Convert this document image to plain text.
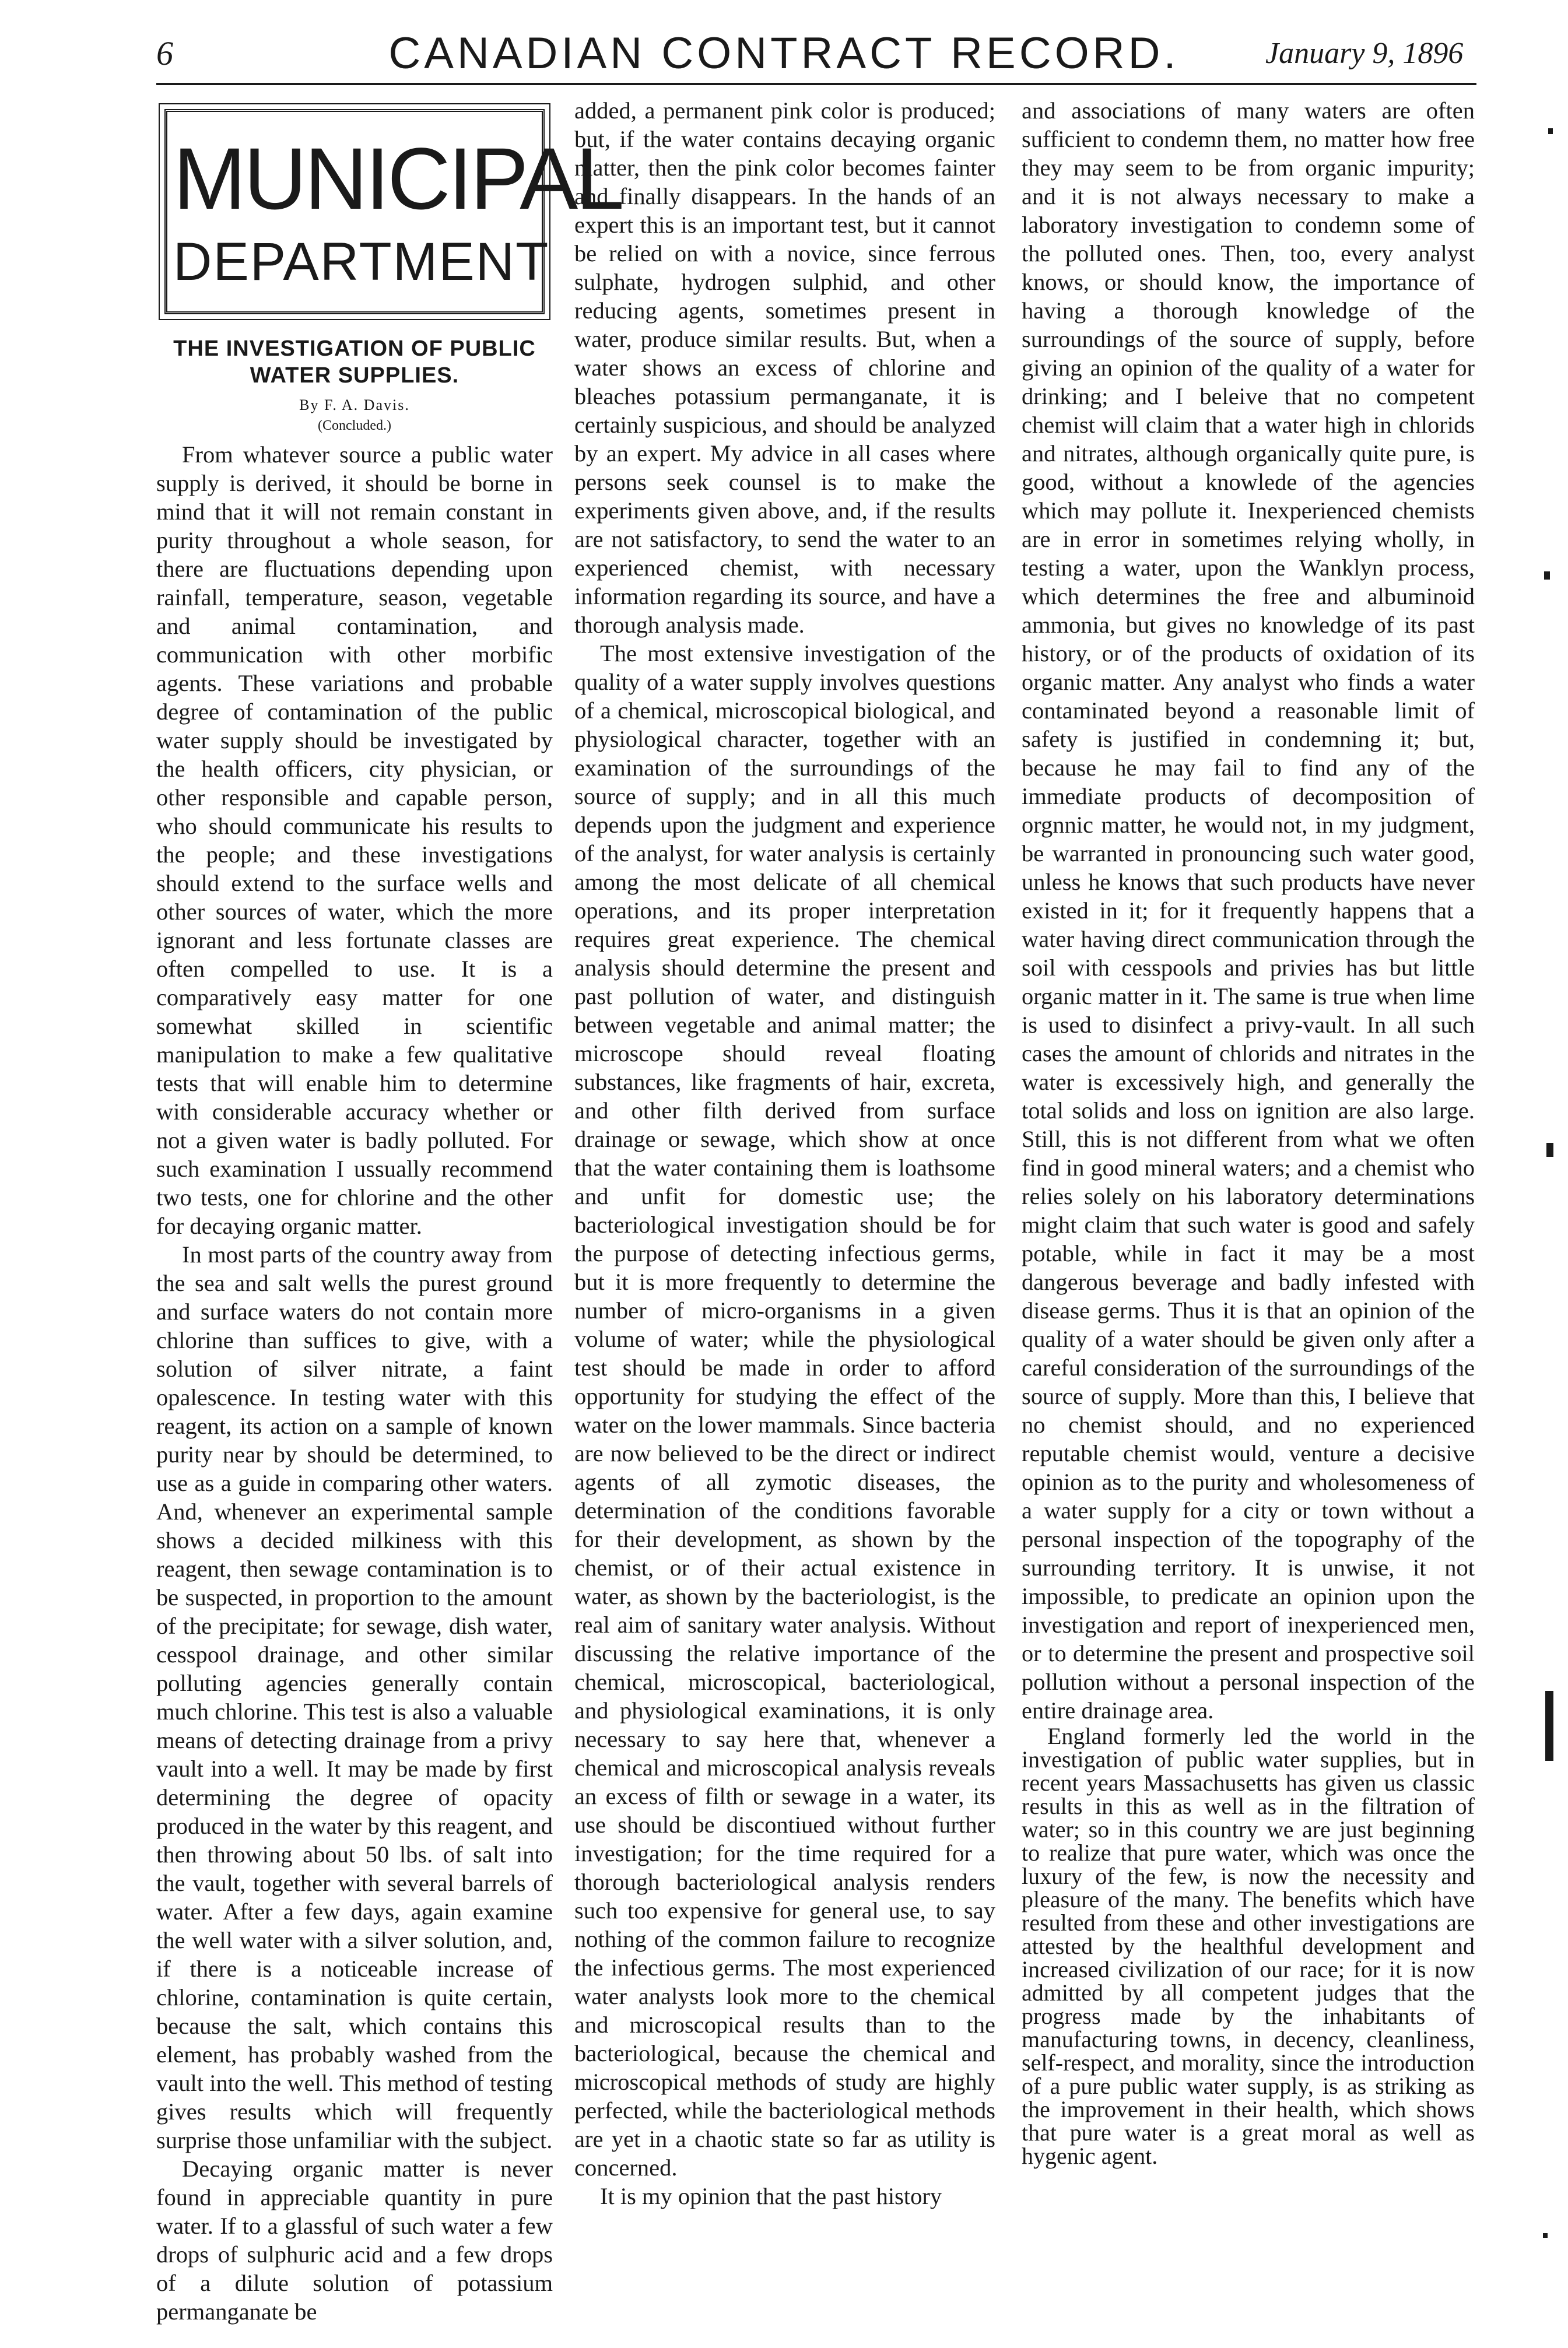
6	CANADIAN CONTRACT RECORD.	January 9, 1896
MUNICIPAL
DEPARTMENT
THE INVESTIGATION OF PUBLIC WATER SUPPLIES.
By F. A. Davis.
(Concluded.)

From whatever source a public water supply is derived, it should be borne in mind that it will not remain constant in purity throughout a whole season, for there are fluctuations depending upon rainfall, temperature, season, vegetable and animal contamination, and communication with other morbific agents. These variations and probable degree of contamination of the public water supply should be investigated by the health officers, city physician, or other responsible and capable person, who should communicate his results to the people; and these investigations should extend to the surface wells and other sources of water, which the more ignorant and less fortunate classes are often compelled to use. It is a comparatively easy matter for one somewhat skilled in scientific manipulation to make a few qualitative tests that will enable him to determine with considerable accuracy whether or not a given water is badly polluted. For such examination I ussually recommend two tests, one for chlorine and the other for decaying organic matter.

In most parts of the country away from the sea and salt wells the purest ground and surface waters do not contain more chlorine than suffices to give, with a solution of silver nitrate, a faint opalescence. In testing water with this reagent, its action on a sample of known purity near by should be determined, to use as a guide in comparing other waters. And, whenever an experimental sample shows a decided milkiness with this reagent, then sewage contamination is to be suspected, in proportion to the amount of the precipitate; for sewage, dish water, cesspool drainage, and other similar polluting agencies generally contain much chlorine. This test is also a valuable means of detecting drainage from a privy vault into a well. It may be made by first determining the degree of opacity produced in the water by this reagent, and then throwing about 50 lbs. of salt into the vault, together with several barrels of water. After a few days, again examine the well water with a silver solution, and, if there is a noticeable increase of chlorine, contamination is quite certain, because the salt, which contains this element, has probably washed from the vault into the well. This method of testing gives results which will frequently surprise those unfamiliar with the subject.

Decaying organic matter is never found in appreciable quantity in pure water. If to a glassful of such water a few drops of sulphuric acid and a few drops of a dilute solution of potassium permanganate be

added, a permanent pink color is produced; but, if the water contains decaying organic matter, then the pink color becomes fainter and finally disappears. In the hands of an expert this is an important test, but it cannot be relied on with a novice, since ferrous sulphate, hydrogen sulphid, and other reducing agents, sometimes present in water, produce similar results. But, when a water shows an excess of chlorine and bleaches potassium permanganate, it is certainly suspicious, and should be analyzed by an expert. My advice in all cases where persons seek counsel is to make the experiments given above, and, if the results are not satisfactory, to send the water to an experienced chemist, with necessary information regarding its source, and have a thorough analysis made.

The most extensive investigation of the quality of a water supply involves questions of a chemical, microscopical biological, and physiological character, together with an examination of the surroundings of the source of supply; and in all this much depends upon the judgment and experience of the analyst, for water analysis is certainly among the most delicate of all chemical operations, and its proper interpretation requires great experience. The chemical analysis should determine the present and past pollution of water, and distinguish between vegetable and animal matter; the microscope should reveal floating substances, like fragments of hair, excreta, and other filth derived from surface drainage or sewage, which show at once that the water containing them is loathsome and unfit for domestic use; the bacteriological investigation should be for the purpose of detecting infectious germs, but it is more frequently to determine the number of micro-organisms in a given volume of water; while the physiological test should be made in order to afford opportunity for studying the effect of the water on the lower mammals. Since bacteria are now believed to be the direct or indirect agents of all zymotic diseases, the determination of the conditions favorable for their development, as shown by the chemist, or of their actual existence in water, as shown by the bacteriologist, is the real aim of sanitary water analysis. Without discussing the relative importance of the chemical, microscopical, bacteriological, and physiological examinations, it is only necessary to say here that, whenever a chemical and microscopical analysis reveals an excess of filth or sewage in a water, its use should be discontiued without further investigation; for the time required for a thorough bacteriological analysis renders such too expensive for general use, to say nothing of the common failure to recognize the infectious germs. The most experienced water analysts look more to the chemical and microscopical results than to the bacteriological, because the chemical and microscopical methods of study are highly perfected, while the bacteriological methods are yet in a chaotic state so far as utility is concerned.

It is my opinion that the past history

and associations of many waters are often sufficient to condemn them, no matter how free they may seem to be from organic impurity; and it is not always necessary to make a laboratory investigation to condemn some of the polluted ones. Then, too, every analyst knows, or should know, the importance of having a thorough knowledge of the surroundings of the source of supply, before giving an opinion of the quality of a water for drinking; and I beleive that no competent chemist will claim that a water high in chlorids and nitrates, although organically quite pure, is good, without a knowlede of the agencies which may pollute it. Inexperienced chemists are in error in sometimes relying wholly, in testing a water, upon the Wanklyn process, which determines the free and albuminoid ammonia, but gives no knowledge of its past history, or of the products of oxidation of its organic matter. Any analyst who finds a water contaminated beyond a reasonable limit of safety is justified in condemning it; but, because he may fail to find any of the immediate products of decomposition of orgnnic matter, he would not, in my judgment, be warranted in pronouncing such water good, unless he knows that such products have never existed in it; for it frequently happens that a water having direct communication through the soil with cesspools and privies has but little organic matter in it. The same is true when lime is used to disinfect a privy-vault. In all such cases the amount of chlorids and nitrates in the water is excessively high, and generally the total solids and loss on ignition are also large. Still, this is not different from what we often find in good mineral waters; and a chemist who relies solely on his laboratory determinations might claim that such water is good and safely potable, while in fact it may be a most dangerous beverage and badly infested with disease germs. Thus it is that an opinion of the quality of a water should be given only after a careful consideration of the surroundings of the source of supply. More than this, I believe that no chemist should, and no experienced reputable chemist would, venture a decisive opinion as to the purity and wholesomeness of a water supply for a city or town without a personal inspection of the topography of the surrounding territory. It is unwise, it not impossible, to predicate an opinion upon the investigation and report of inexperienced men, or to determine the present and prospective soil pollution without a personal inspection of the entire drainage area.

England formerly led the world in the investigation of public water supplies, but in recent years Massachusetts has given us classic results in this as well as in the filtration of water; so in this country we are just beginning to realize that pure water, which was once the luxury of the few, is now the necessity and pleasure of the many. The benefits which have resulted from these and other investigations are attested by the healthful development and increased civilization of our race; for it is now admitted by all competent judges that the progress made by the inhabitants of manufacturing towns, in decency, cleanliness, self-respect, and morality, since the introduction of a pure public water supply, is as striking as the improvement in their health, which shows that pure water is a great moral as well as hygenic agent.
